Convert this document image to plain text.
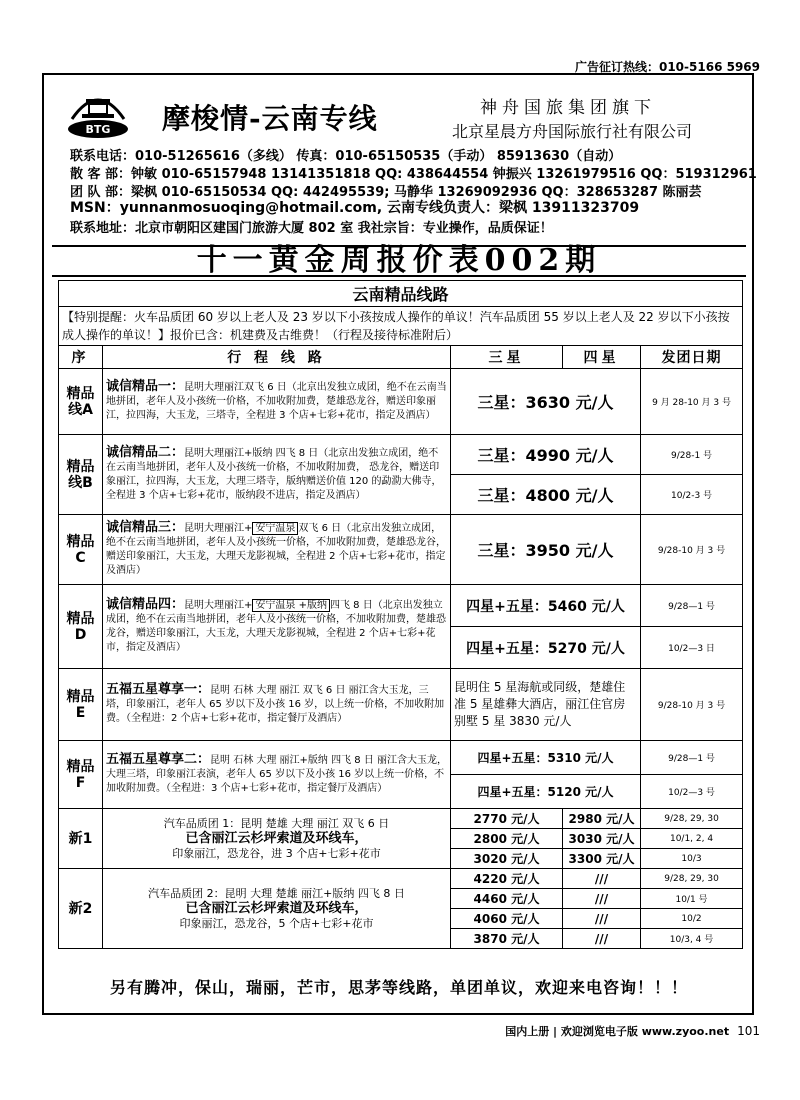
广告征订热线：010-5166 5969
BTG 摩梭情-云南专线	神舟国旅集团旗下
北京星晨方舟国际旅行社有限公司
联系电话：010-51265616（多线） 传真：010-65150535（手动） 85913630（自动）
散 客 部：钟敏 010-65157948 13141351818 QQ: 438644554 钟振兴 13261979516 QQ：519312961
团 队 部：梁枫 010-65150534 QQ: 442495539; 马静华 13269092936 QQ：328653287 陈丽芸
MSN：yunnanmosuoqing@hotmail.com, 云南专线负责人：梁枫 13911323709
联系地址：北京市朝阳区建国门旅游大厦 802 室 我社宗旨：专业操作，品质保证！
十一黄金周报价表002期
云南精品线路				
【特别提醒：火车品质团 60 岁以上老人及 23 岁以下小孩按成人操作的单议！汽车品质团 55 岁以上老人及 22 岁以下小孩按成人操作的单议！】报价已含：机建费及古维费！（行程及接待标准附后）				
序	行 程 线 路	三星	四星	发团日期
精品线A	诚信精品一：昆明大理丽江双飞 6 日（北京出发独立成团，绝不在云南当地拼团，老年人及小孩统一价格，不加收附加费，楚雄恐龙谷，赠送印象丽江，拉四海，大玉龙，三塔寺，全程进 3 个店+七彩+花市，指定及酒店）	三星：3630 元/人		9 月 28-10 月 3 号
精品线B	诚信精品二：昆明大理丽江+版纳 四飞 8 日（北京出发独立成团，绝不在云南当地拼团，老年人及小孩统一价格，不加收附加费， 恐龙谷，赠送印象丽江，拉四海，大玉龙，大理三塔寺，版纳赠送价值 120 的勐泐大佛寺，全程进 3 个店+七彩+花市，版纳段不进店，指定及酒店）	三星：4990 元/人		9/28-1 号
		三星：4800 元/人		10/2-3 号
精品C	诚信精品三：昆明大理丽江+ 安宁温泉 双飞 6 日（北京出发独立成团，绝不在云南当地拼团，老年人及小孩统一价格，不加收附加费，楚雄恐龙谷，赠送印象丽江，大玉龙，大理天龙影视城，全程进 2 个店+七彩+花市，指定及酒店）	三星：3950 元/人		9/28-10 月 3 号
精品D	诚信精品四：昆明大理丽江+ 安宁温泉 +版纳 四飞 8 日（北京出发独立成团，绝不在云南当地拼团，老年人及小孩统一价格，不加收附加费，楚雄恐龙谷，赠送印象丽江，大玉龙，大理天龙影视城，全程进 2 个店+七彩+花市，指定及酒店）	四星+五星：5460 元/人		9/28—1 号
		四星+五星：5270 元/人		10/2—3 日
精品E	五福五星尊享一：昆明 石林 大理 丽江 双飞 6 日 丽江含大玉龙，三塔，印象丽江，老年人 65 岁以下及小孩 16 岁，以上统一价格，不加收附加费。（全程进：2 个店+七彩+花市，指定餐厅及酒店）	昆明住 5 星海航或同级，楚雄住准 5 星雄彝大酒店，丽江住官房别墅 5 星 3830 元/人		9/28-10 月 3 号
精品F	五福五星尊享二：昆明 石林 大理 丽江+版纳 四飞 8 日 丽江含大玉龙，大理三塔，印象丽江表演，老年人 65 岁以下及小孩 16 岁以上统一价格，不加收附加费。（全程进：3 个店+七彩+花市，指定餐厅及酒店）	四星+五星：5310 元/人		9/28—1 号
		四星+五星：5120 元/人		10/2—3 号
新1	汽车品质团 1：昆明 楚雄 大理 丽江 双飞 6 日
已含丽江云杉坪索道及环线车，
印象丽江，恐龙谷，进 3 个店+七彩+花市	2770 元/人	2980 元/人	9/28, 29, 30
		2800 元/人	3030 元/人	10/1, 2, 4
		3020 元/人	3300 元/人	10/3
新2	汽车品质团 2：昆明 大理 楚雄 丽江+版纳 四飞 8 日
已含丽江云杉坪索道及环线车，
印象丽江，恐龙谷，5 个店+七彩+花市	4220 元/人	///	9/28, 29, 30
		4460 元/人	///	10/1 号
		4060 元/人	///	10/2
		3870 元/人	///	10/3, 4 号
另有腾冲，保山，瑞丽，芒市，思茅等线路，单团单议，欢迎来电咨询！！！
国内上册 | 欢迎浏览电子版 www.zyoo.net 101
